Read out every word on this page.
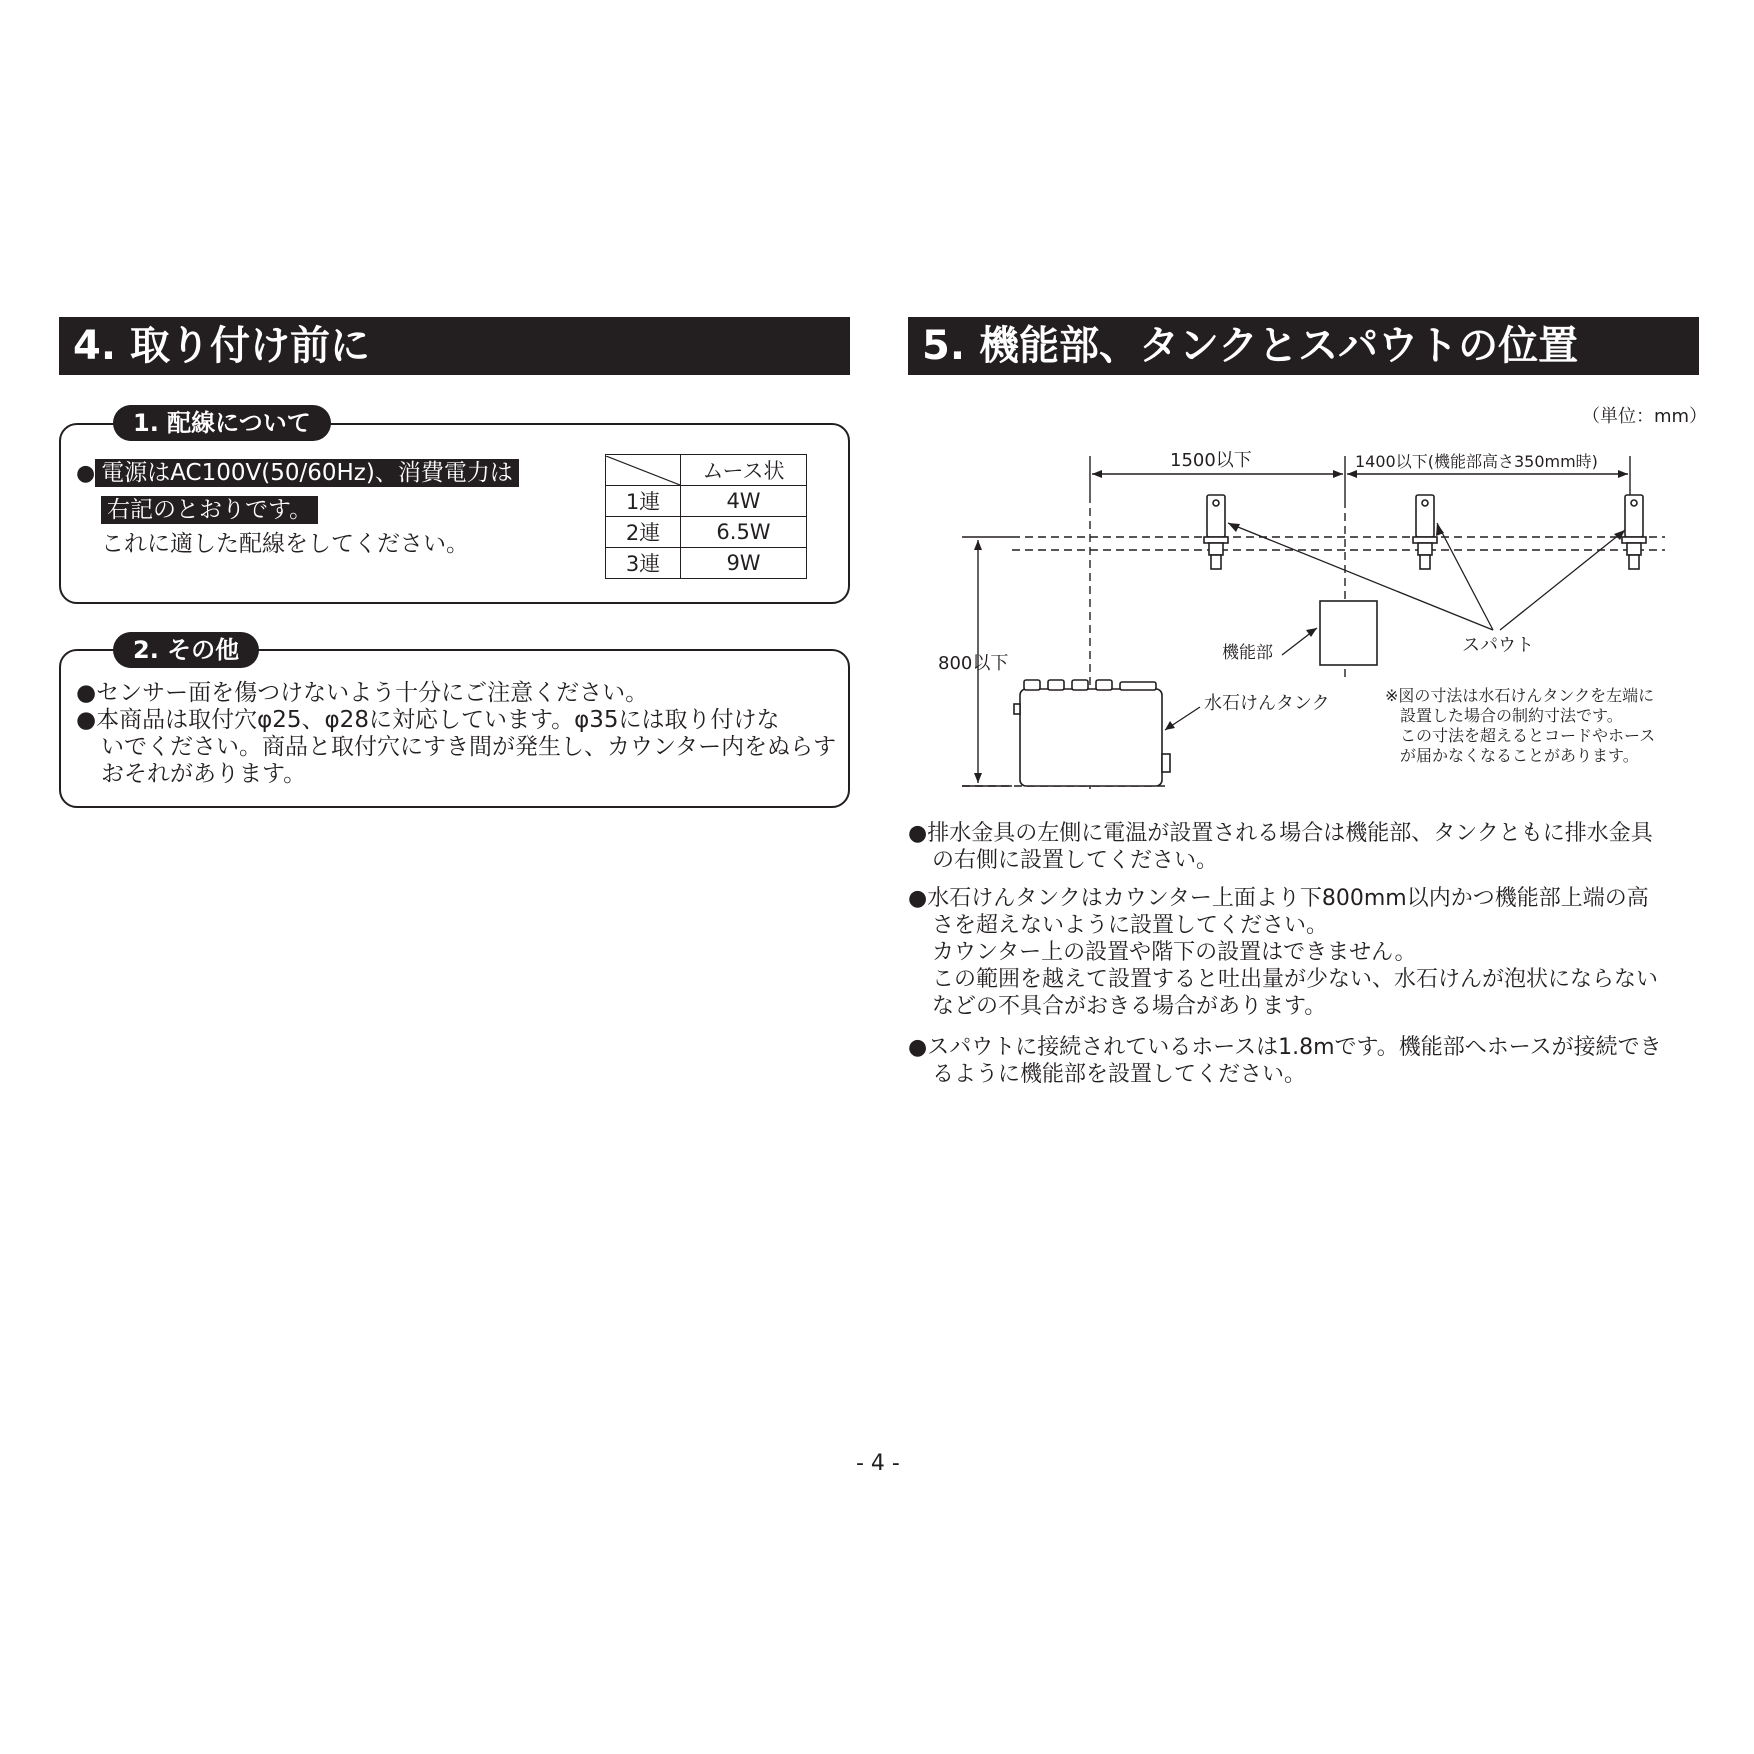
4. 取り付け前に
1. 配線について
● 電源はAC100V(50/60Hz)、消費電力は
右記のとおりです。
これに適した配線をしてください。
	ムース状
1連	4W
2連	6.5W
3連	9W
2. その他
●センサー面を傷つけないよう十分にご注意ください。
●本商品は取付穴φ25、φ28に対応しています。φ35には取り付けな
いでください。商品と取付穴にすき間が発生し、カウンター内をぬらす
おそれがあります。
5. 機能部、タンクとスパウトの位置
（単位：mm）
1500以下	1400以下(機能部高さ350mm時)
800以下	機能部	スパウト
水石けんタンク	※図の寸法は水石けんタンクを左端に
設置した場合の制約寸法です。
この寸法を超えるとコードやホース
が届かなくなることがあります。
●排水金具の左側に電温が設置される場合は機能部、タンクともに排水金具
の右側に設置してください。
●水石けんタンクはカウンター上面より下800mm以内かつ機能部上端の高
さを超えないように設置してください。
カウンター上の設置や階下の設置はできません。
この範囲を越えて設置すると吐出量が少ない、水石けんが泡状にならない
などの不具合がおきる場合があります。
●スパウトに接続されているホースは1.8mです。機能部へホースが接続でき
るように機能部を設置してください。
- 4 -
